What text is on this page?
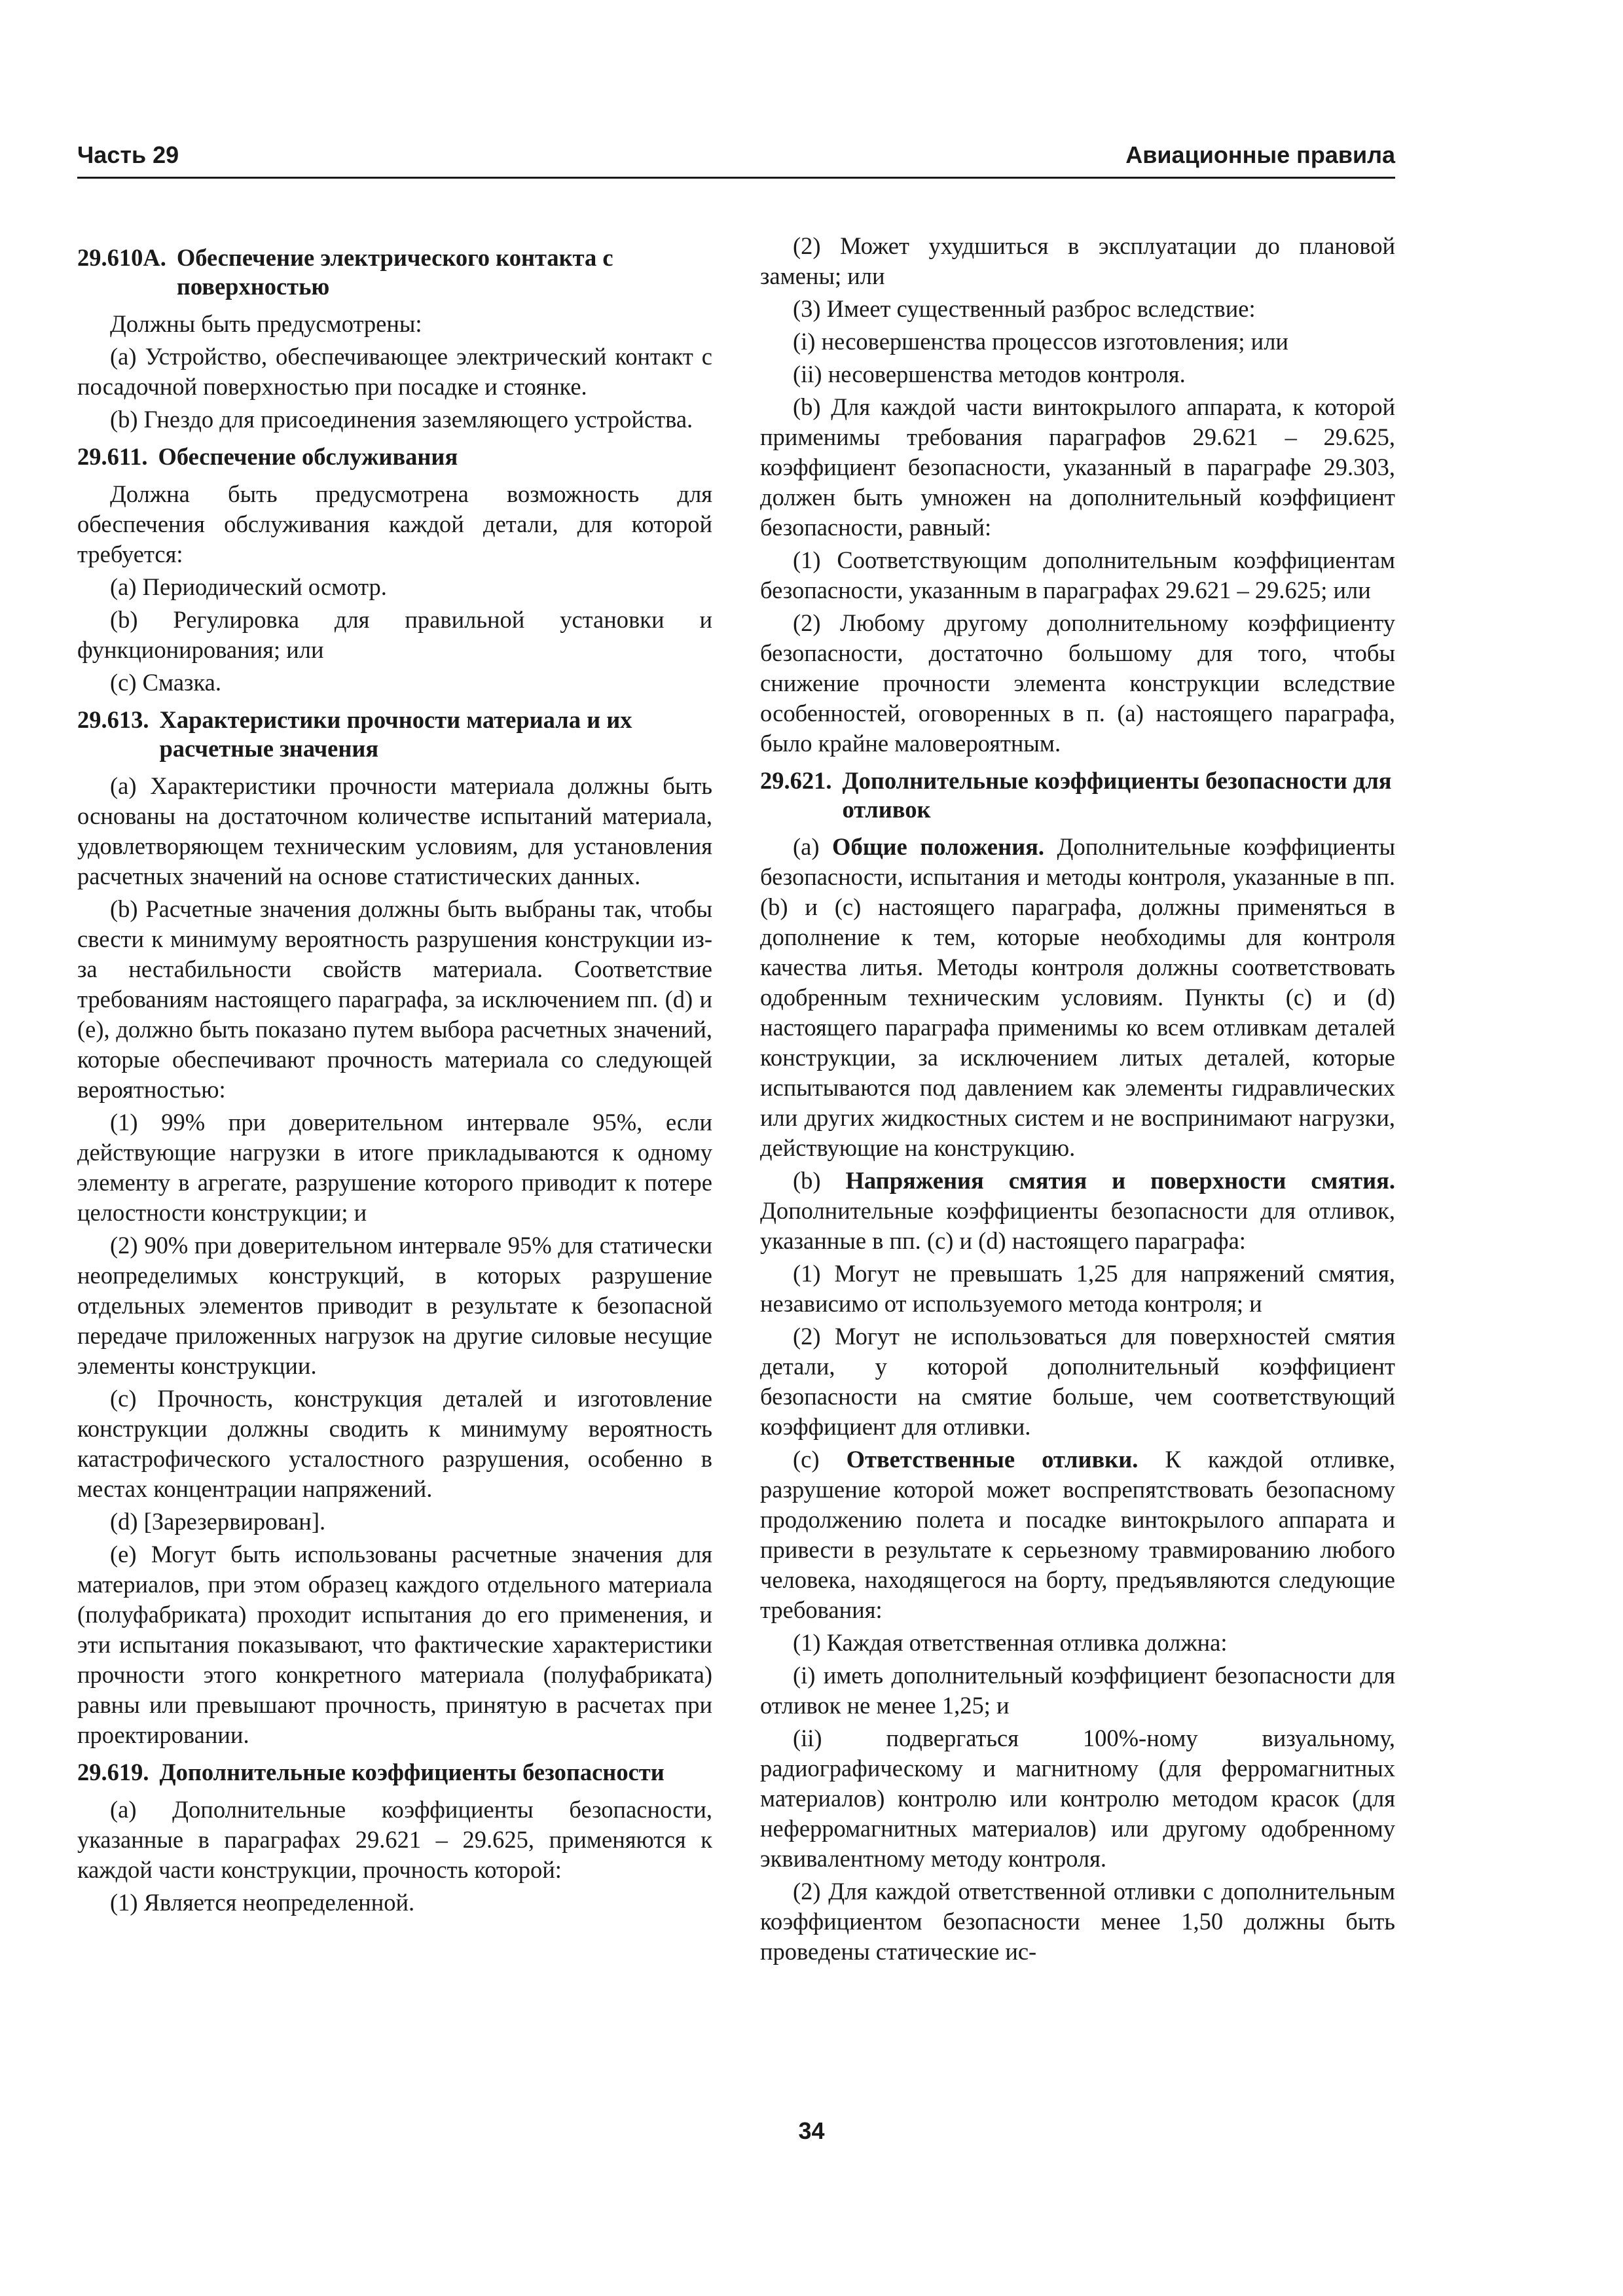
Часть 29	Авиационные правила
29.610А. Обеспечение электрического контакта с поверхностью

Должны быть предусмотрены:

(a) Устройство, обеспечивающее электрический контакт с посадочной поверхностью при посадке и стоянке.

(b) Гнездо для присоединения заземляющего устройства.

29.611. Обеспечение обслуживания

Должна быть предусмотрена возможность для обеспечения обслуживания каждой детали, для которой требуется:

(a) Периодический осмотр.

(b) Регулировка для правильной установки и функционирования; или

(c) Смазка.

29.613. Характеристики прочности материала и их расчетные значения

(a) Характеристики прочности материала должны быть основаны на достаточном количестве испытаний материала, удовлетворяющем техническим условиям, для установления расчетных значений на основе статистических данных.

(b) Расчетные значения должны быть выбраны так, чтобы свести к минимуму вероятность разрушения конструкции из-за нестабильности свойств материала. Соответствие требованиям настоящего параграфа, за исключением пп. (d) и (e), должно быть показано путем выбора расчетных значений, которые обеспечивают прочность материала со следующей вероятностью:

(1) 99% при доверительном интервале 95%, если действующие нагрузки в итоге прикладываются к одному элементу в агрегате, разрушение которого приводит к потере целостности конструкции; и

(2) 90% при доверительном интервале 95% для статически неопределимых конструкций, в которых разрушение отдельных элементов приводит в результате к безопасной передаче приложенных нагрузок на другие силовые несущие элементы конструкции.

(c) Прочность, конструкция деталей и изготовление конструкции должны сводить к минимуму вероятность катастрофического усталостного разрушения, особенно в местах концентрации напряжений.

(d) [Зарезервирован].

(e) Могут быть использованы расчетные значения для материалов, при этом образец каждого отдельного материала (полуфабриката) проходит испытания до его применения, и эти испытания показывают, что фактические характеристики прочности этого конкретного материала (полуфабриката) равны или превышают прочность, принятую в расчетах при проектировании.

29.619. Дополнительные коэффициенты безопасности

(a) Дополнительные коэффициенты безопасности, указанные в параграфах 29.621 – 29.625, применяются к каждой части конструкции, прочность которой:

(1) Является неопределенной.

(2) Может ухудшиться в эксплуатации до плановой замены; или

(3) Имеет существенный разброс вследствие:

(i) несовершенства процессов изготовления; или

(ii) несовершенства методов контроля.

(b) Для каждой части винтокрылого аппарата, к которой применимы требования параграфов 29.621 – 29.625, коэффициент безопасности, указанный в параграфе 29.303, должен быть умножен на дополнительный коэффициент безопасности, равный:

(1) Соответствующим дополнительным коэффициентам безопасности, указанным в параграфах 29.621 – 29.625; или

(2) Любому другому дополнительному коэффициенту безопасности, достаточно большому для того, чтобы снижение прочности элемента конструкции вследствие особенностей, оговоренных в п. (a) настоящего параграфа, было крайне маловероятным.

29.621. Дополнительные коэффициенты безопасности для отливок

(a) Общие положения. Дополнительные коэффициенты безопасности, испытания и методы контроля, указанные в пп. (b) и (c) настоящего параграфа, должны применяться в дополнение к тем, которые необходимы для контроля качества литья. Методы контроля должны соответствовать одобренным техническим условиям. Пункты (c) и (d) настоящего параграфа применимы ко всем отливкам деталей конструкции, за исключением литых деталей, которые испытываются под давлением как элементы гидравлических или других жидкостных систем и не воспринимают нагрузки, действующие на конструкцию.

(b) Напряжения смятия и поверхности смятия. Дополнительные коэффициенты безопасности для отливок, указанные в пп. (c) и (d) настоящего параграфа:

(1) Могут не превышать 1,25 для напряжений смятия, независимо от используемого метода контроля; и

(2) Могут не использоваться для поверхностей смятия детали, у которой дополнительный коэффициент безопасности на смятие больше, чем соответствующий коэффициент для отливки.

(c) Ответственные отливки. К каждой отливке, разрушение которой может воспрепятствовать безопасному продолжению полета и посадке винтокрылого аппарата и привести в результате к серьезному травмированию любого человека, находящегося на борту, предъявляются следующие требования:

(1) Каждая ответственная отливка должна:

(i) иметь дополнительный коэффициент безопасности для отливок не менее 1,25; и

(ii) подвергаться 100%-ному визуальному, радиографическому и магнитному (для ферромагнитных материалов) контролю или контролю методом красок (для неферромагнитных материалов) или другому одобренному эквивалентному методу контроля.

(2) Для каждой ответственной отливки с дополнительным коэффициентом безопасности менее 1,50 должны быть проведены статические ис-

34
